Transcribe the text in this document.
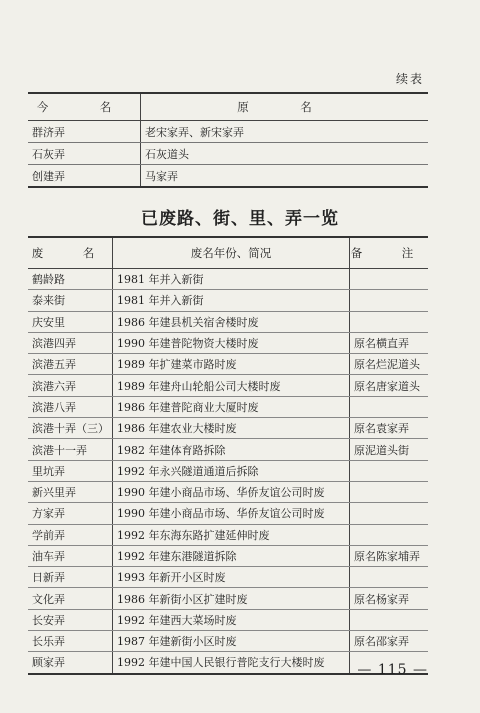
续表
今　名	原　名
群济弄	老宋家弄、新宋家弄
石灰弄	石灰道头
创建弄	马家弄
已废路、街、里、弄一览
废　名	废名年份、简况	备　注
鹤龄路	1981 年并入新街	
泰来街	1981 年并入新街	
庆安里	1986 年建县机关宿舍楼时废	
滨港四弄	1990 年建普陀物资大楼时废	原名横直弄
滨港五弄	1989 年扩建菜市路时废	原名烂泥道头
滨港六弄	1989 年建舟山轮船公司大楼时废	原名唐家道头
滨港八弄	1986 年建普陀商业大厦时废	
滨港十弄（三）	1986 年建农业大楼时废	原名袁家弄
滨港十一弄	1982 年建体育路拆除	原泥道头街
里坑弄	1992 年永兴隧道通道后拆除	
新兴里弄	1990 年建小商品市场、华侨友谊公司时废	
方家弄	1990 年建小商品市场、华侨友谊公司时废	
学前弄	1992 年东海东路扩建延伸时废	
油车弄	1992 年建东港隧道拆除	原名陈家埔弄
日新弄	1993 年新开小区时废	
文化弄	1986 年新街小区扩建时废	原名杨家弄
长安弄	1992 年建西大菜场时废	
长乐弄	1987 年建新街小区时废	原名邵家弄
顾家弄	1992 年建中国人民银行普陀支行大楼时废	— 115 —
